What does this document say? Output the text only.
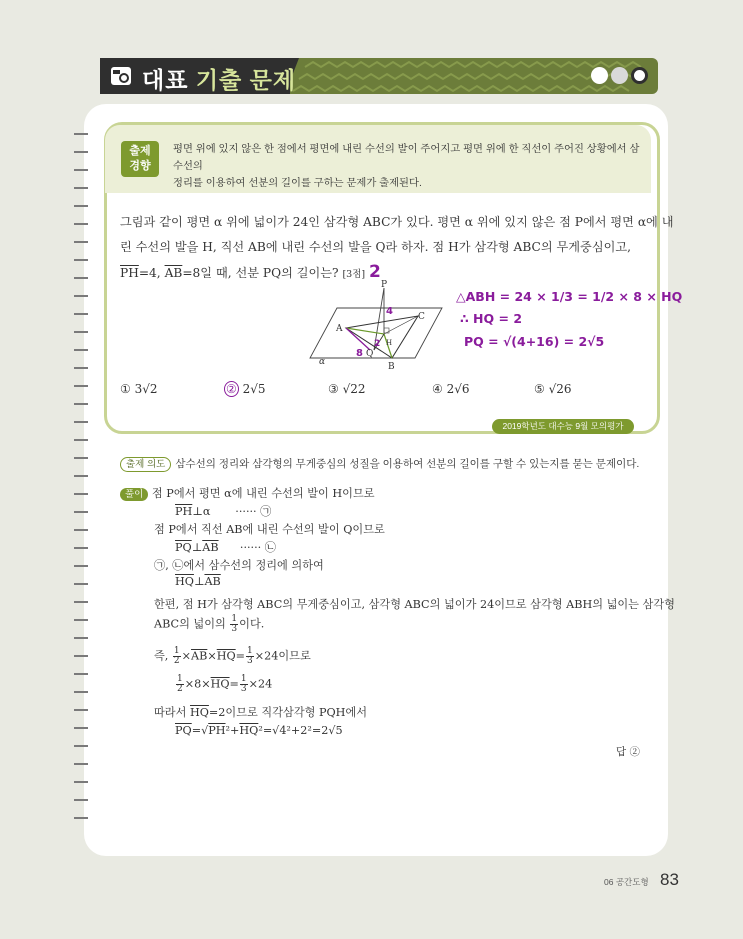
대표 기출 문제
출제
경향
평면 위에 있지 않은 한 점에서 평면에 내린 수선의 발이 주어지고 평면 위에 한 직선이 주어진 상황에서 삼수선의
정리를 이용하여 선분의 길이를 구하는 문제가 출제된다.
그림과 같이 평면 α 위에 넓이가 24인 삼각형 ABC가 있다. 평면 α 위에 있지 않은 점 P에서 평면 α에 내
린 수선의 발을 H, 직선 AB에 내린 수선의 발을 Q라 하자. 점 H가 삼각형 ABC의 무게중심이고,
$\overline{PH}=4$, $\overline{AB}=8$일 때, 선분 PQ의 길이는? [3점] 2
P
A
B
C
Q
H
α
4
8
2
△ABH = 24 × 1/3 = 1/2 × 8 × HQ
∴ HQ = 2
PQ = √(4+16) = 2√5
① 3√2	② 2√5	③ √22	④ 2√6	⑤ √26
2019학년도 대수능 9월 모의평가
출제 의도 삼수선의 정리와 삼각형의 무게중심의 성질을 이용하여 선분의 길이를 구할 수 있는지를 묻는 문제이다.
풀이 점 P에서 평면 α에 내린 수선의 발이 H이므로
$\overline{PH}\perp\alpha$ ······ ㉠
점 P에서 직선 AB에 내린 수선의 발이 Q이므로
$\overline{PQ}\perp\overline{AB}$ ······ ㉡
㉠, ㉡에서 삼수선의 정리에 의하여
$\overline{HQ}\perp\overline{AB}$
한편, 점 H가 삼각형 ABC의 무게중심이고, 삼각형 ABC의 넓이가 24이므로 삼각형 ABH의 넓이는 삼각형
ABC의 넓이의 $\frac{1}{3}$ 이다.
즉, $\frac{1}{2} \times\overline{AB}\times\overline{HQ}= \frac{1}{3} \times 24$이므로
$\frac{1}{2} \times 8\times\overline{HQ}= \frac{1}{3} \times 24$
따라서 $\overline{HQ}=2$이므로 직각삼각형 PQH에서
$\overline{PQ}=√PH^2+\overline{HQ}^2=√4^2+2^2=2√5$
답 ②
06 공간도형 83
